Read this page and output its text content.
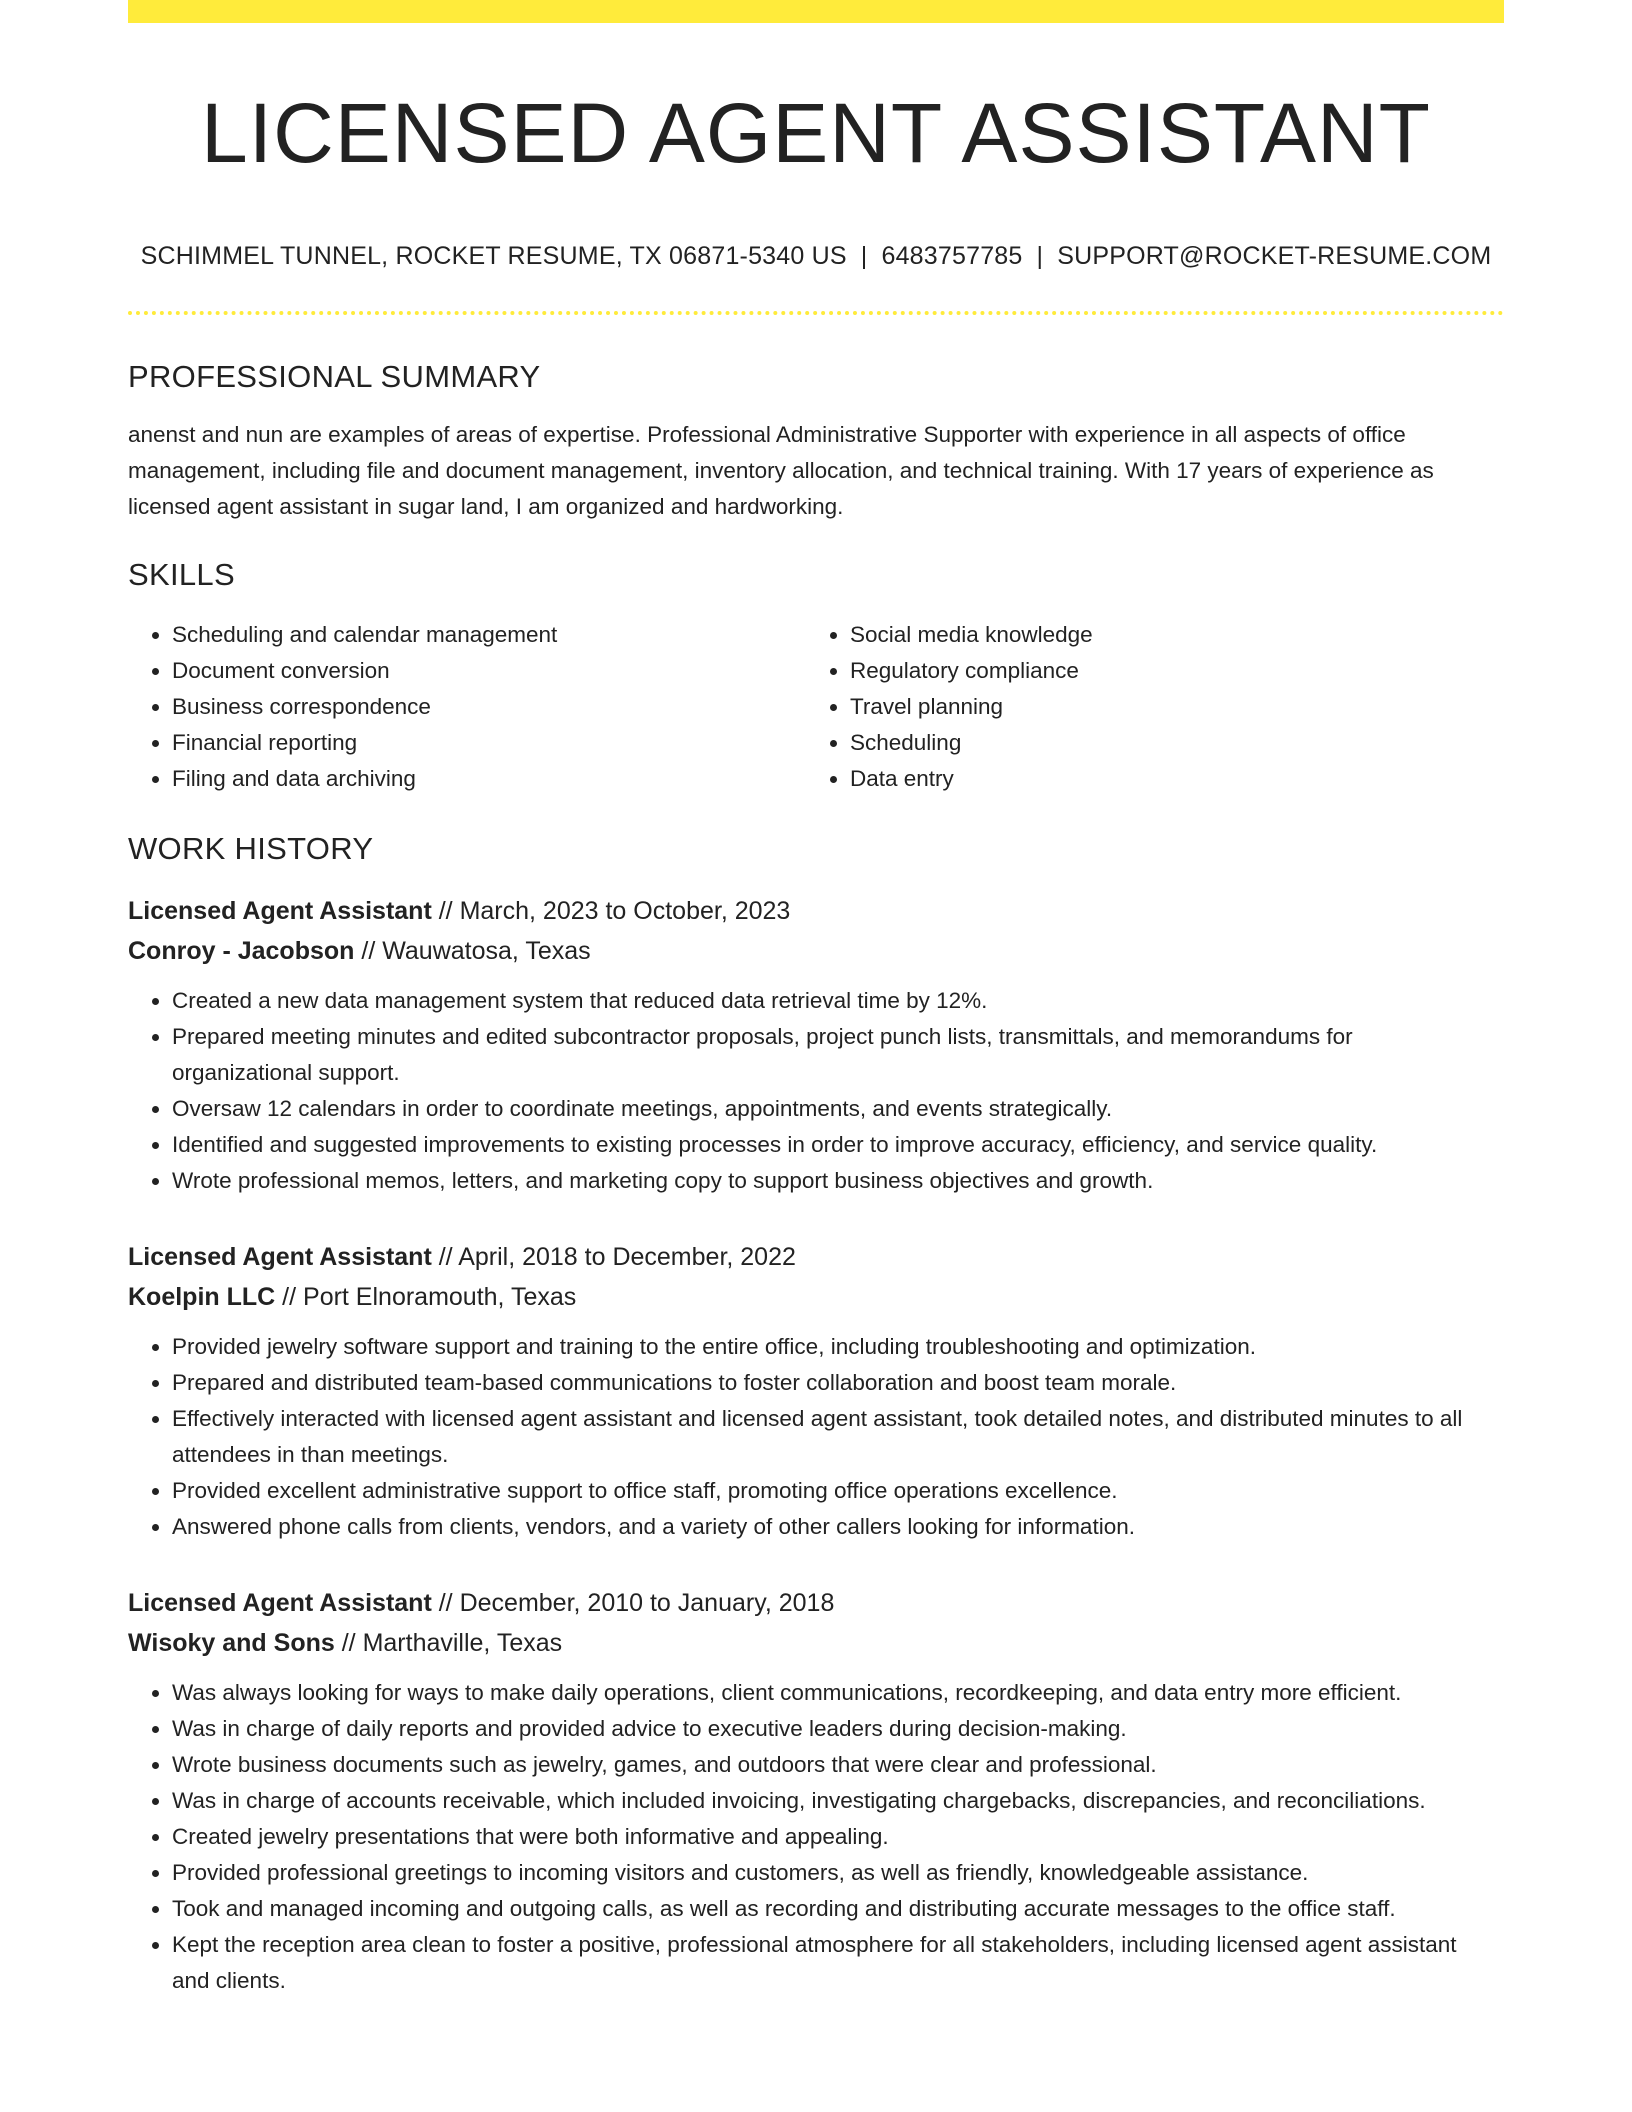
LICENSED AGENT ASSISTANT
SCHIMMEL TUNNEL, ROCKET RESUME, TX 06871-5340 US | 6483757785 | SUPPORT@ROCKET-RESUME.COM
PROFESSIONAL SUMMARY
anenst and nun are examples of areas of expertise. Professional Administrative Supporter with experience in all aspects of office management, including file and document management, inventory allocation, and technical training. With 17 years of experience as licensed agent assistant in sugar land, I am organized and hardworking.
SKILLS
• Scheduling and calendar management
• Document conversion
• Business correspondence
• Financial reporting
• Filing and data archiving
• Social media knowledge
• Regulatory compliance
• Travel planning
• Scheduling
• Data entry
WORK HISTORY
Licensed Agent Assistant // March, 2023 to October, 2023
Conroy - Jacobson // Wauwatosa, Texas
• Created a new data management system that reduced data retrieval time by 12%.
• Prepared meeting minutes and edited subcontractor proposals, project punch lists, transmittals, and memorandums for organizational support.
• Oversaw 12 calendars in order to coordinate meetings, appointments, and events strategically.
• Identified and suggested improvements to existing processes in order to improve accuracy, efficiency, and service quality.
• Wrote professional memos, letters, and marketing copy to support business objectives and growth.
Licensed Agent Assistant // April, 2018 to December, 2022
Koelpin LLC // Port Elnoramouth, Texas
• Provided jewelry software support and training to the entire office, including troubleshooting and optimization.
• Prepared and distributed team-based communications to foster collaboration and boost team morale.
• Effectively interacted with licensed agent assistant and licensed agent assistant, took detailed notes, and distributed minutes to all attendees in than meetings.
• Provided excellent administrative support to office staff, promoting office operations excellence.
• Answered phone calls from clients, vendors, and a variety of other callers looking for information.
Licensed Agent Assistant // December, 2010 to January, 2018
Wisoky and Sons // Marthaville, Texas
• Was always looking for ways to make daily operations, client communications, recordkeeping, and data entry more efficient.
• Was in charge of daily reports and provided advice to executive leaders during decision-making.
• Wrote business documents such as jewelry, games, and outdoors that were clear and professional.
• Was in charge of accounts receivable, which included invoicing, investigating chargebacks, discrepancies, and reconciliations.
• Created jewelry presentations that were both informative and appealing.
• Provided professional greetings to incoming visitors and customers, as well as friendly, knowledgeable assistance.
• Took and managed incoming and outgoing calls, as well as recording and distributing accurate messages to the office staff.
• Kept the reception area clean to foster a positive, professional atmosphere for all stakeholders, including licensed agent assistant and clients.
